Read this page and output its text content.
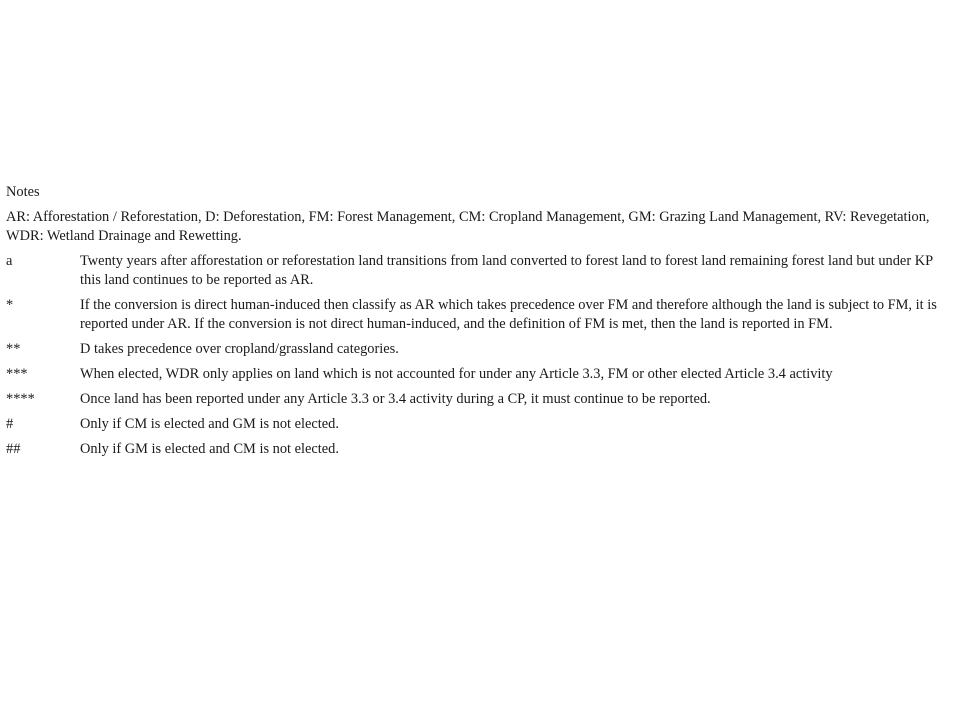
Notes
AR: Afforestation / Reforestation, D: Deforestation, FM: Forest Management, CM: Cropland Management, GM: Grazing Land Management, RV: Revegetation, WDR: Wetland Drainage and Rewetting.
a	Twenty years after afforestation or reforestation land transitions from land converted to forest land to forest land remaining forest land but under KP this land continues to be reported as AR.
*	If the conversion is direct human-induced then classify as AR which takes precedence over FM and therefore although the land is subject to FM, it is reported under AR. If the conversion is not direct human-induced, and the definition of FM is met, then the land is reported in FM.
**	D takes precedence over cropland/grassland categories.
***	When elected, WDR only applies on land which is not accounted for under any Article 3.3, FM or other elected Article 3.4 activity
****	Once land has been reported under any Article 3.3 or 3.4 activity during a CP, it must continue to be reported.
#	Only if CM is elected and GM is not elected.
##	Only if GM is elected and CM is not elected.
